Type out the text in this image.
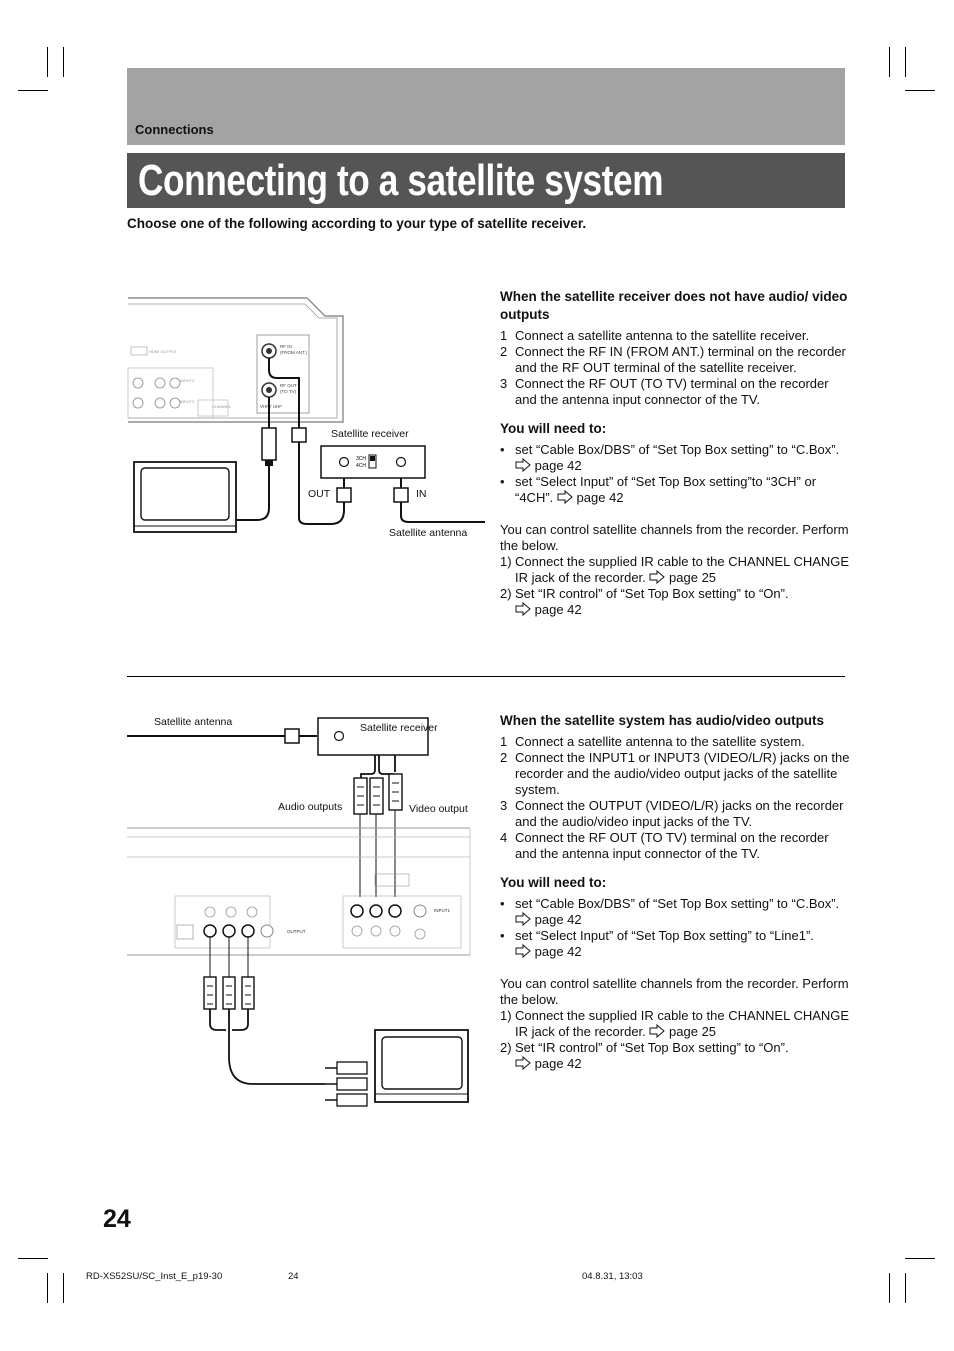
Connections
Connecting to a satellite system
Choose one of the following according to your type of satellite receiver.
HDMI OUTPUT
INPUT3
INPUT3
CHANNEL
RF IN
(FROM ANT.)
RF OUT
(TO TV)
VHF / UHF
3CH
4CH
Satellite receiver
OUT	IN
Satellite antenna
When the satellite receiver does not have audio/ video outputs
1 Connect a satellite antenna to the satellite receiver.
2 Connect the RF IN (FROM ANT.) terminal on the recorder and the RF OUT terminal of the satellite receiver.
3 Connect the RF OUT (TO TV) terminal on the recorder and the antenna input connector of the TV.
You will need to:
• set “Cable Box/DBS” of “Set Top Box setting” to “C.Box”.  page 42
• set “Select Input” of “Set Top Box setting”to “3CH” or “4CH”. page 42
You can control satellite channels from the recorder. Perform the below.
1) Connect the supplied IR cable to the CHANNEL CHANGE IR jack of the recorder. page 25
2) Set “IR control” of “Set Top Box setting” to “On”.
page 42
OUTPUT
INPUT1
Satellite antenna	Satellite receiver
Audio outputs	Video output
When the satellite system has audio/video outputs
1 Connect a satellite antenna to the satellite system.
2 Connect the INPUT1 or INPUT3 (VIDEO/L/R) jacks on the recorder and the audio/video output jacks of the satellite system.
3 Connect the OUTPUT (VIDEO/L/R) jacks on the recorder and the audio/video input jacks of the TV.
4 Connect the RF OUT (TO TV) terminal on the recorder and the antenna input connector of the TV.
You will need to:
• set “Cable Box/DBS” of “Set Top Box setting” to “C.Box”.  page 42
• set “Select Input” of “Set Top Box setting” to “Line1”.
page 42
You can control satellite channels from the recorder. Perform the below.
1) Connect the supplied IR cable to the CHANNEL CHANGE IR jack of the recorder. page 25
2) Set “IR control” of “Set Top Box setting” to “On”.
page 42
24
RD-XS52SU/SC_Inst_E_p19-30	24	04.8.31, 13:03
